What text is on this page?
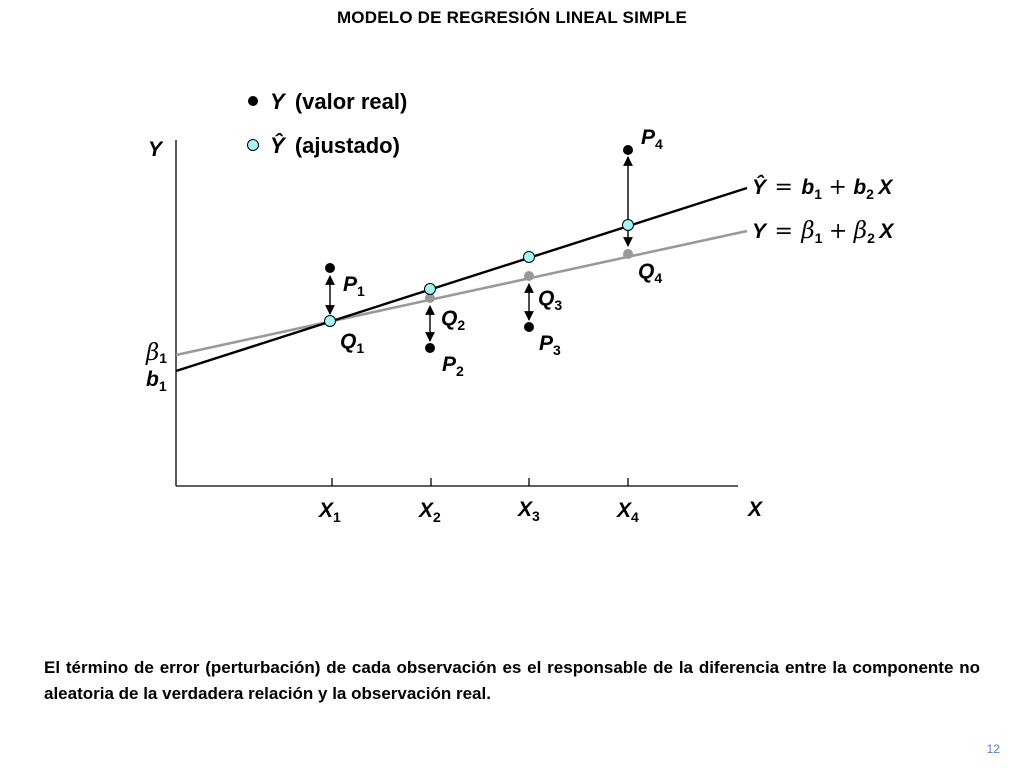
MODELO DE REGRESIÓN LINEAL SIMPLE
Y (valor real)
Ŷ (ajustado)
Y
X
β1
b1
X1	X2	X3	X4
P1
Q1
Q2
P2
Q3
P3
P4
Q4
Ŷ = b1 + b2 X
Y = β1 + β2 X
El término de error (perturbación) de cada observación es el responsable de la diferencia entre la componente no aleatoria de la verdadera relación y la observación real.
12
